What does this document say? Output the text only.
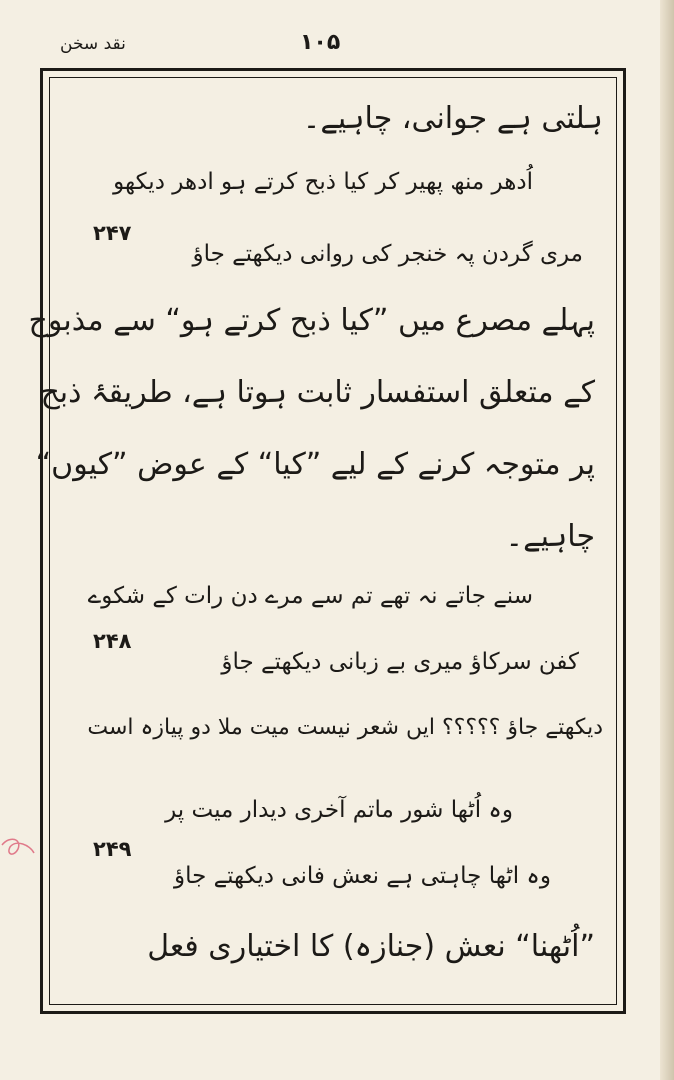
نقد سخن	۱۰۵
ہلتی ہے جوانی، چاہیے۔
اُدھر منھ پھیر کر کیا ذبح کرتے ہو ادھر دیکھو
۲۴۷
مری گردن پہ خنجر کی روانی دیکھتے جاؤ
پہلے مصرع میں ”کیا ذبح کرتے ہو“ سے مذبوح
کے متعلق استفسار ثابت ہوتا ہے، طریقۂ ذبح
پر متوجہ کرنے کے لیے ”کیا“ کے عوض ”کیوں“
چاہیے۔
سنے جاتے نہ تھے تم سے مرے دن رات کے شکوے
۲۴۸
کفن سرکاؤ میری بے زبانی دیکھتے جاؤ
دیکھتے جاؤ ؟؟؟؟؟ ایں شعر نیست میت ملا دو پیازہ است
وہ اُٹھا شور ماتم آخری دیدار میت پر
۲۴۹
وہ اٹھا چاہتی ہے نعش فانی دیکھتے جاؤ
”اُٹھنا“ نعش (جنازہ) کا اختیاری فعل
